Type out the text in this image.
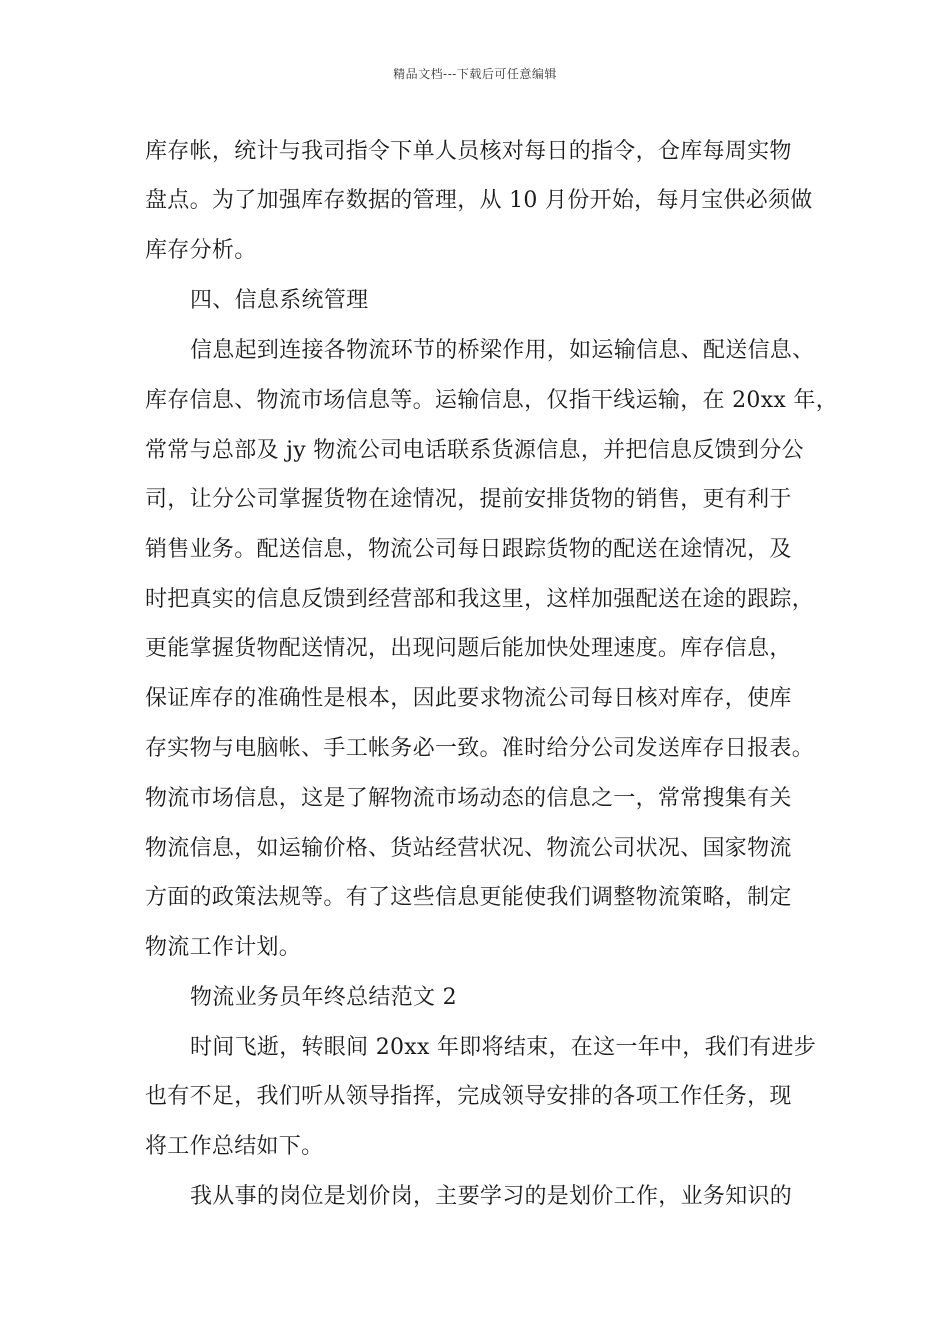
精品文档---下载后可任意编辑
库存帐，统计与我司指令下单人员核对每日的指令，仓库每周实物
盘点。为了加强库存数据的管理，从 10 月份开始，每月宝供必须做
库存分析。
四、信息系统管理
信息起到连接各物流环节的桥梁作用，如运输信息、配送信息、
库存信息、物流市场信息等。运输信息，仅指干线运输，在 20xx 年，
常常与总部及 jy 物流公司电话联系货源信息，并把信息反馈到分公
司，让分公司掌握货物在途情况，提前安排货物的销售，更有利于
销售业务。配送信息，物流公司每日跟踪货物的配送在途情况，及
时把真实的信息反馈到经营部和我这里，这样加强配送在途的跟踪，
更能掌握货物配送情况，出现问题后能加快处理速度。库存信息，
保证库存的准确性是根本，因此要求物流公司每日核对库存，使库
存实物与电脑帐、手工帐务必一致。准时给分公司发送库存日报表。
物流市场信息，这是了解物流市场动态的信息之一，常常搜集有关
物流信息，如运输价格、货站经营状况、物流公司状况、国家物流
方面的政策法规等。有了这些信息更能使我们调整物流策略，制定
物流工作计划。
物流业务员年终总结范文 2
时间飞逝，转眼间 20xx 年即将结束，在这一年中，我们有进步
也有不足，我们听从领导指挥，完成领导安排的各项工作任务，现
将工作总结如下。
我从事的岗位是划价岗，主要学习的是划价工作，业务知识的
